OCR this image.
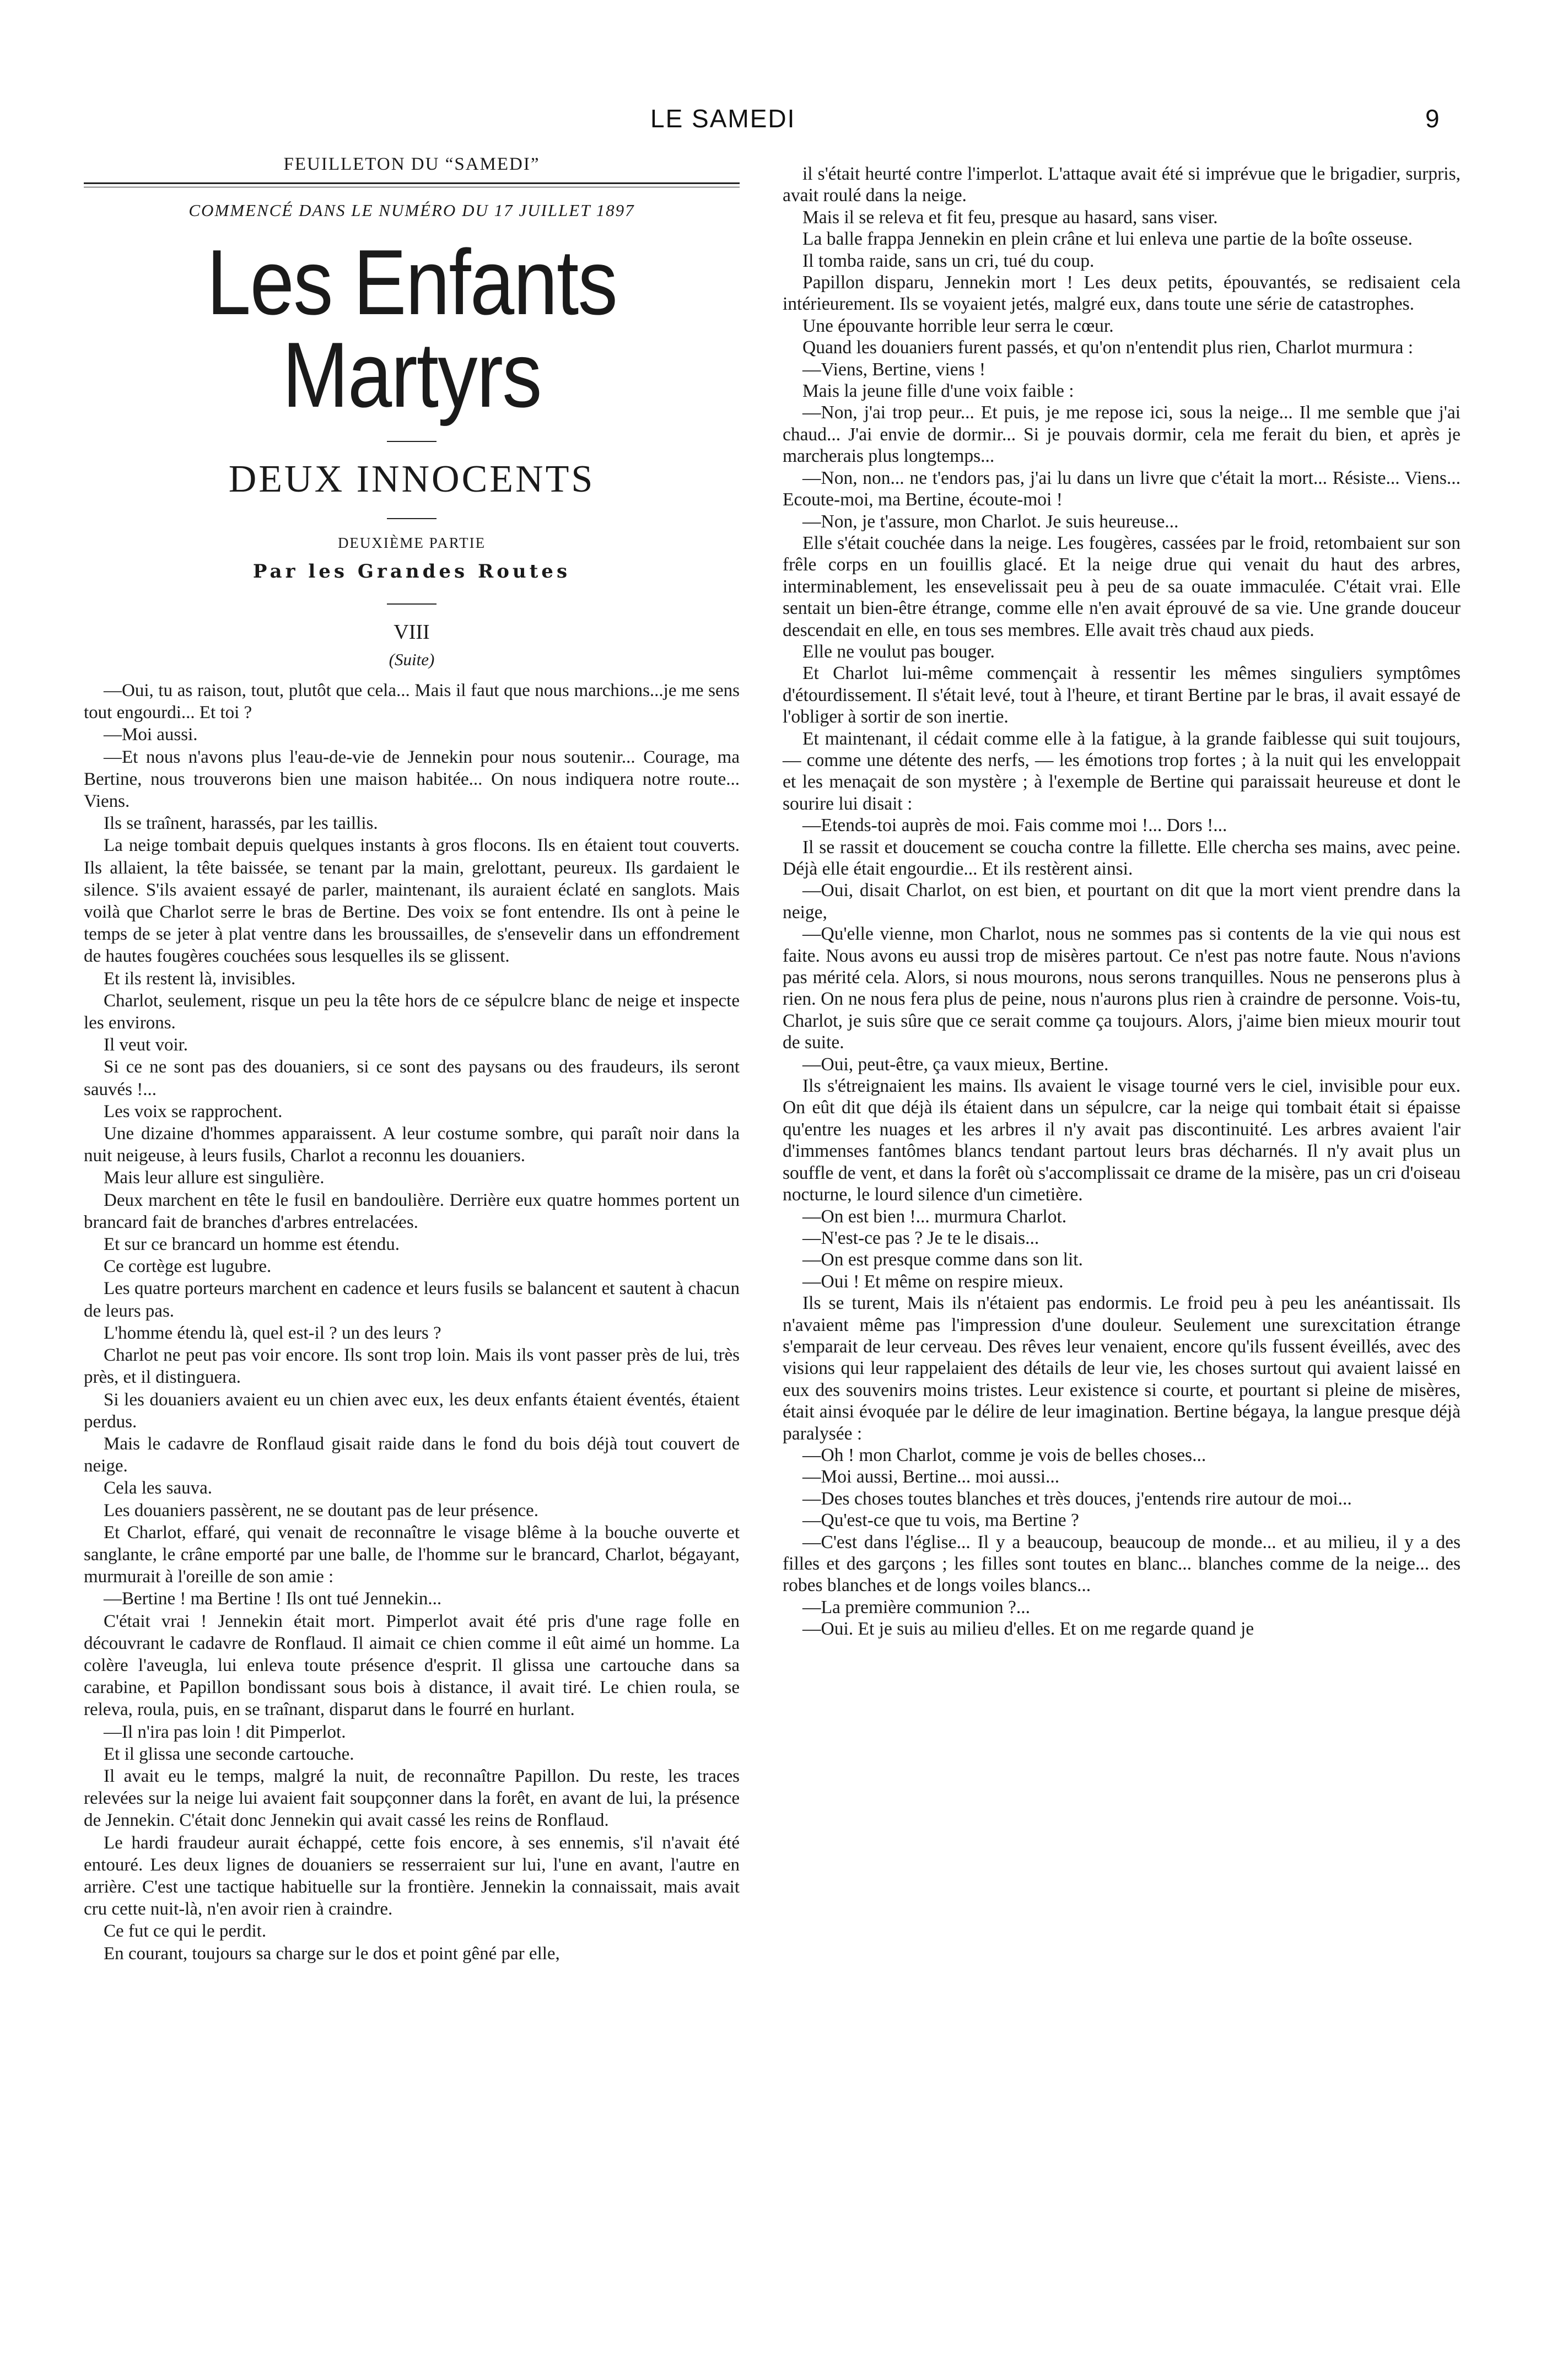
LE SAMEDI	9
FEUILLETON DU “SAMEDI”
COMMENCÉ DANS LE NUMÉRO DU 17 JUILLET 1897
Les Enfants Martyrs
DEUX INNOCENTS
DEUXIÈME PARTIE
Par les Grandes Routes
VIII
(Suite)

—Oui, tu as raison, tout, plutôt que cela... Mais il faut que nous marchions...je me sens tout engourdi... Et toi ?

—Moi aussi.

—Et nous n'avons plus l'eau-de-vie de Jennekin pour nous soutenir... Courage, ma Bertine, nous trouverons bien une maison habitée... On nous indiquera notre route... Viens.

Ils se traînent, harassés, par les taillis.

La neige tombait depuis quelques instants à gros flocons. Ils en étaient tout couverts. Ils allaient, la tête baissée, se tenant par la main, grelottant, peureux. Ils gardaient le silence. S'ils avaient essayé de parler, maintenant, ils auraient éclaté en sanglots. Mais voilà que Charlot serre le bras de Bertine. Des voix se font entendre. Ils ont à peine le temps de se jeter à plat ventre dans les broussailles, de s'ensevelir dans un effondrement de hautes fougères couchées sous lesquelles ils se glissent.

Et ils restent là, invisibles.

Charlot, seulement, risque un peu la tête hors de ce sépulcre blanc de neige et inspecte les environs.

Il veut voir.

Si ce ne sont pas des douaniers, si ce sont des paysans ou des fraudeurs, ils seront sauvés !...

Les voix se rapprochent.

Une dizaine d'hommes apparaissent. A leur costume sombre, qui paraît noir dans la nuit neigeuse, à leurs fusils, Charlot a reconnu les douaniers.

Mais leur allure est singulière.

Deux marchent en tête le fusil en bandoulière. Derrière eux quatre hommes portent un brancard fait de branches d'arbres entrelacées.

Et sur ce brancard un homme est étendu.

Ce cortège est lugubre.

Les quatre porteurs marchent en cadence et leurs fusils se balancent et sautent à chacun de leurs pas.

L'homme étendu là, quel est-il ? un des leurs ?

Charlot ne peut pas voir encore. Ils sont trop loin. Mais ils vont passer près de lui, très près, et il distinguera.

Si les douaniers avaient eu un chien avec eux, les deux enfants étaient éventés, étaient perdus.

Mais le cadavre de Ronflaud gisait raide dans le fond du bois déjà tout couvert de neige.

Cela les sauva.

Les douaniers passèrent, ne se doutant pas de leur présence.

Et Charlot, effaré, qui venait de reconnaître le visage blême à la bouche ouverte et sanglante, le crâne emporté par une balle, de l'homme sur le brancard, Charlot, bégayant, murmurait à l'oreille de son amie :

—Bertine ! ma Bertine ! Ils ont tué Jennekin...

C'était vrai ! Jennekin était mort. Pimperlot avait été pris d'une rage folle en découvrant le cadavre de Ronflaud. Il aimait ce chien comme il eût aimé un homme. La colère l'aveugla, lui enleva toute présence d'esprit. Il glissa une cartouche dans sa carabine, et Papillon bondissant sous bois à distance, il avait tiré. Le chien roula, se releva, roula, puis, en se traînant, disparut dans le fourré en hurlant.

—Il n'ira pas loin ! dit Pimperlot.

Et il glissa une seconde cartouche.

Il avait eu le temps, malgré la nuit, de reconnaître Papillon. Du reste, les traces relevées sur la neige lui avaient fait soupçonner dans la forêt, en avant de lui, la présence de Jennekin. C'était donc Jennekin qui avait cassé les reins de Ronflaud.

Le hardi fraudeur aurait échappé, cette fois encore, à ses ennemis, s'il n'avait été entouré. Les deux lignes de douaniers se resserraient sur lui, l'une en avant, l'autre en arrière. C'est une tactique habituelle sur la frontière. Jennekin la connaissait, mais avait cru cette nuit-là, n'en avoir rien à craindre.

Ce fut ce qui le perdit.

En courant, toujours sa charge sur le dos et point gêné par elle,

il s'était heurté contre l'imperlot. L'attaque avait été si imprévue que le brigadier, surpris, avait roulé dans la neige.

Mais il se releva et fit feu, presque au hasard, sans viser.

La balle frappa Jennekin en plein crâne et lui enleva une partie de la boîte osseuse.

Il tomba raide, sans un cri, tué du coup.

Papillon disparu, Jennekin mort ! Les deux petits, épouvantés, se redisaient cela intérieurement. Ils se voyaient jetés, malgré eux, dans toute une série de catastrophes.

Une épouvante horrible leur serra le cœur.

Quand les douaniers furent passés, et qu'on n'entendit plus rien, Charlot murmura :

—Viens, Bertine, viens !

Mais la jeune fille d'une voix faible :

—Non, j'ai trop peur... Et puis, je me repose ici, sous la neige... Il me semble que j'ai chaud... J'ai envie de dormir... Si je pouvais dormir, cela me ferait du bien, et après je marcherais plus longtemps...

—Non, non... ne t'endors pas, j'ai lu dans un livre que c'était la mort... Résiste... Viens... Ecoute-moi, ma Bertine, écoute-moi !

—Non, je t'assure, mon Charlot. Je suis heureuse...

Elle s'était couchée dans la neige. Les fougères, cassées par le froid, retombaient sur son frêle corps en un fouillis glacé. Et la neige drue qui venait du haut des arbres, interminablement, les ensevelissait peu à peu de sa ouate immaculée. C'était vrai. Elle sentait un bien-être étrange, comme elle n'en avait éprouvé de sa vie. Une grande douceur descendait en elle, en tous ses membres. Elle avait très chaud aux pieds.

Elle ne voulut pas bouger.

Et Charlot lui-même commençait à ressentir les mêmes singuliers symptômes d'étourdissement. Il s'était levé, tout à l'heure, et tirant Bertine par le bras, il avait essayé de l'obliger à sortir de son inertie.

Et maintenant, il cédait comme elle à la fatigue, à la grande faiblesse qui suit toujours, — comme une détente des nerfs, — les émotions trop fortes ; à la nuit qui les enveloppait et les menaçait de son mystère ; à l'exemple de Bertine qui paraissait heureuse et dont le sourire lui disait :

—Etends-toi auprès de moi. Fais comme moi !... Dors !...

Il se rassit et doucement se coucha contre la fillette. Elle chercha ses mains, avec peine. Déjà elle était engourdie... Et ils restèrent ainsi.

—Oui, disait Charlot, on est bien, et pourtant on dit que la mort vient prendre dans la neige,

—Qu'elle vienne, mon Charlot, nous ne sommes pas si contents de la vie qui nous est faite. Nous avons eu aussi trop de misères partout. Ce n'est pas notre faute. Nous n'avions pas mérité cela. Alors, si nous mourons, nous serons tranquilles. Nous ne penserons plus à rien. On ne nous fera plus de peine, nous n'aurons plus rien à craindre de personne. Vois-tu, Charlot, je suis sûre que ce serait comme ça toujours. Alors, j'aime bien mieux mourir tout de suite.

—Oui, peut-être, ça vaux mieux, Bertine.

Ils s'étreignaient les mains. Ils avaient le visage tourné vers le ciel, invisible pour eux. On eût dit que déjà ils étaient dans un sépulcre, car la neige qui tombait était si épaisse qu'entre les nuages et les arbres il n'y avait pas discontinuité. Les arbres avaient l'air d'immenses fantômes blancs tendant partout leurs bras décharnés. Il n'y avait plus un souffle de vent, et dans la forêt où s'accomplissait ce drame de la misère, pas un cri d'oiseau nocturne, le lourd silence d'un cimetière.

—On est bien !... murmura Charlot.

—N'est-ce pas ? Je te le disais...

—On est presque comme dans son lit.

—Oui ! Et même on respire mieux.

Ils se turent, Mais ils n'étaient pas endormis. Le froid peu à peu les anéantissait. Ils n'avaient même pas l'impression d'une douleur. Seulement une surexcitation étrange s'emparait de leur cerveau. Des rêves leur venaient, encore qu'ils fussent éveillés, avec des visions qui leur rappelaient des détails de leur vie, les choses surtout qui avaient laissé en eux des souvenirs moins tristes. Leur existence si courte, et pourtant si pleine de misères, était ainsi évoquée par le délire de leur imagination. Bertine bégaya, la langue presque déjà paralysée :

—Oh ! mon Charlot, comme je vois de belles choses...

—Moi aussi, Bertine... moi aussi...

—Des choses toutes blanches et très douces, j'entends rire autour de moi...

—Qu'est-ce que tu vois, ma Bertine ?

—C'est dans l'église... Il y a beaucoup, beaucoup de monde... et au milieu, il y a des filles et des garçons ; les filles sont toutes en blanc... blanches comme de la neige... des robes blanches et de longs voiles blancs...

—La première communion ?...

—Oui. Et je suis au milieu d'elles. Et on me regarde quand je
